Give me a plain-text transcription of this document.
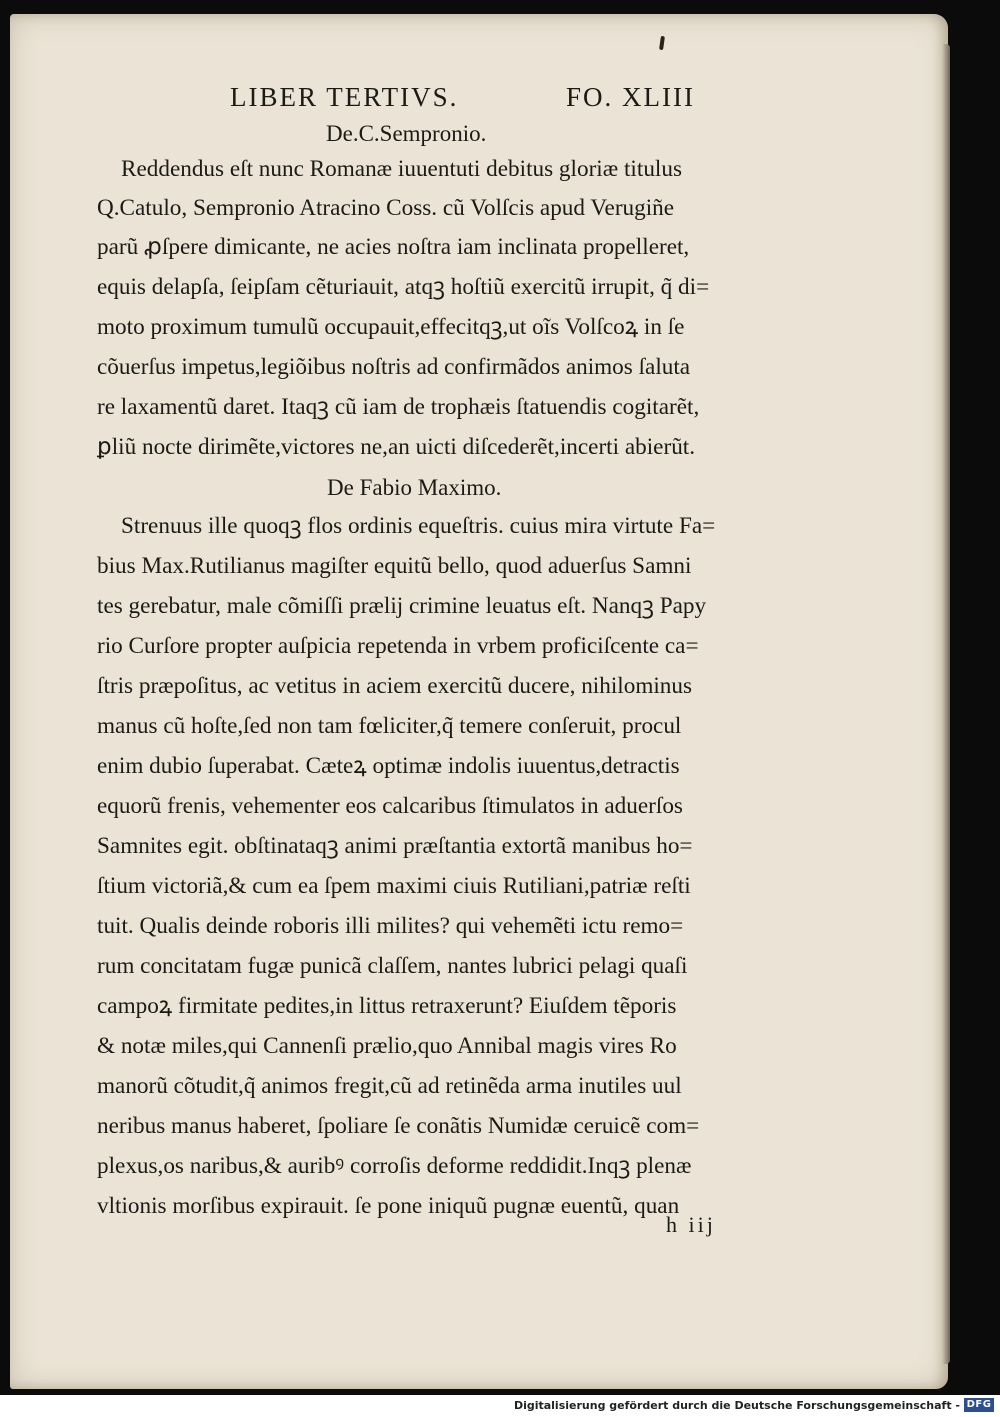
LIBER TERTIVS.	FO. XLIII
De.C.Sempronio.
Reddendus eſt nunc Romanæ iuuentuti debitus gloriæ titulus
Q.Catulo, Sempronio Atracino Coss. cũ Volſcis apud Verugiñe
parũ ꝓſpere dimicante, ne acies noſtra iam inclinata propelleret,
equis delapſa, ſeipſam cẽturiauit, atqꝫ hoſtiũ exercitũ irrupit, q̃ di=
moto proximum tumulũ occupauit,effecitqꝫ,ut oĩs Volſcoꝝ in ſe
cõuerſus impetus,legiõibus noſtris ad confirmãdos animos ſaluta
re laxamentũ daret. Itaqꝫ cũ iam de trophæis ſtatuendis cogitarẽt,
ꝑliũ nocte dirimẽte,victores ne,an uicti diſcederẽt,incerti abierũt.
De Fabio Maximo.
Strenuus ille quoqꝫ flos ordinis equeſtris. cuius mira virtute Fa=
bius Max.Rutilianus magiſter equitũ bello, quod aduerſus Samni
tes gerebatur, male cõmiſſi prælij crimine leuatus eſt. Nanqꝫ Papy
rio Curſore propter auſpicia repetenda in vrbem proficiſcente ca=
ſtris præpoſitus, ac vetitus in aciem exercitũ ducere, nihilominus
manus cũ hoſte,ſed non tam fœliciter,q̃ temere conſeruit, procul
enim dubio ſuperabat. Cæteꝝ optimæ indolis iuuentus,detractis
equorũ frenis, vehementer eos calcaribus ſtimulatos in aduerſos
Samnites egit. obſtinataqꝫ animi præſtantia extortã manibus ho=
ſtium victoriã,& cum ea ſpem maximi ciuis Rutiliani,patriæ reſti
tuit. Qualis deinde roboris illi milites? qui vehemẽti ictu remo=
rum concitatam fugæ punicã claſſem, nantes lubrici pelagi quaſi
campoꝝ firmitate pedites,in littus retraxerunt? Eiuſdem tẽporis
& notæ miles,qui Cannenſi prælio,quo Annibal magis vires Ro
manorũ cõtudit,q̃ animos fregit,cũ ad retinẽda arma inutiles uul
neribus manus haberet, ſpoliare ſe conãtis Numidæ ceruicẽ com=
plexus,os naribus,& auribꝰ corroſis deforme reddidit.Inqꝫ plenæ
vltionis morſibus expirauit. ſe pone iniquũ pugnæ euentũ, quan
h iij
Digitalisierung gefördert durch die Deutsche Forschungsgemeinschaft - DFG
